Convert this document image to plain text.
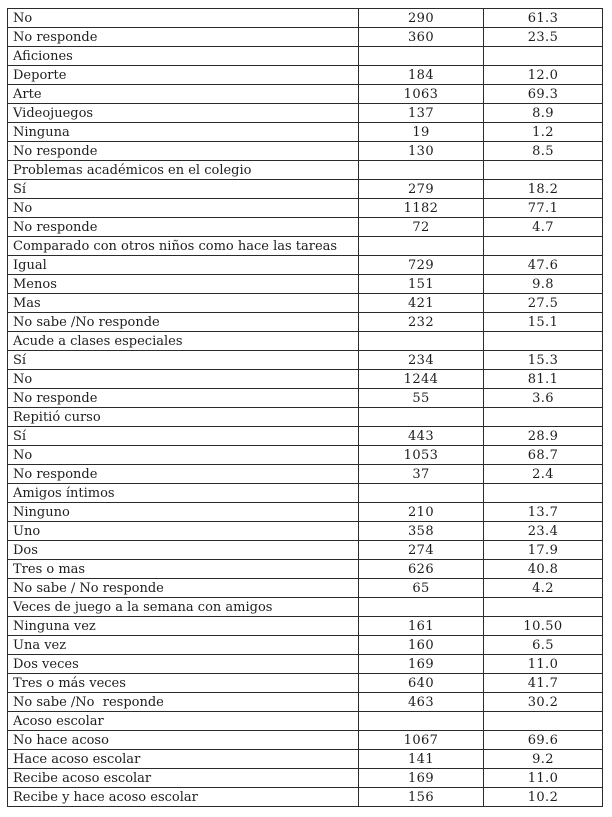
No	290	61.3
No responde	360	23.5
Aficiones		
Deporte	184	12.0
Arte	1063	69.3
Videojuegos	137	8.9
Ninguna	19	1.2
No responde	130	8.5
Problemas académicos en el colegio		
Sí	279	18.2
No	1182	77.1
No responde	72	4.7
Comparado con otros niños como hace las tareas		
Igual	729	47.6
Menos	151	9.8
Mas	421	27.5
No sabe /No responde	232	15.1
Acude a clases especiales		
Sí	234	15.3
No	1244	81.1
No responde	55	3.6
Repitió curso		
Sí	443	28.9
No	1053	68.7
No responde	37	2.4
Amigos íntimos		
Ninguno	210	13.7
Uno	358	23.4
Dos	274	17.9
Tres o mas	626	40.8
No sabe / No responde	65	4.2
Veces de juego a la semana con amigos		
Ninguna vez	161	10.50
Una vez	160	6.5
Dos veces	169	11.0
Tres o más veces	640	41.7
No sabe /No  responde	463	30.2
Acoso escolar		
No hace acoso	1067	69.6
Hace acoso escolar	141	9.2
Recibe acoso escolar	169	11.0
Recibe y hace acoso escolar	156	10.2
